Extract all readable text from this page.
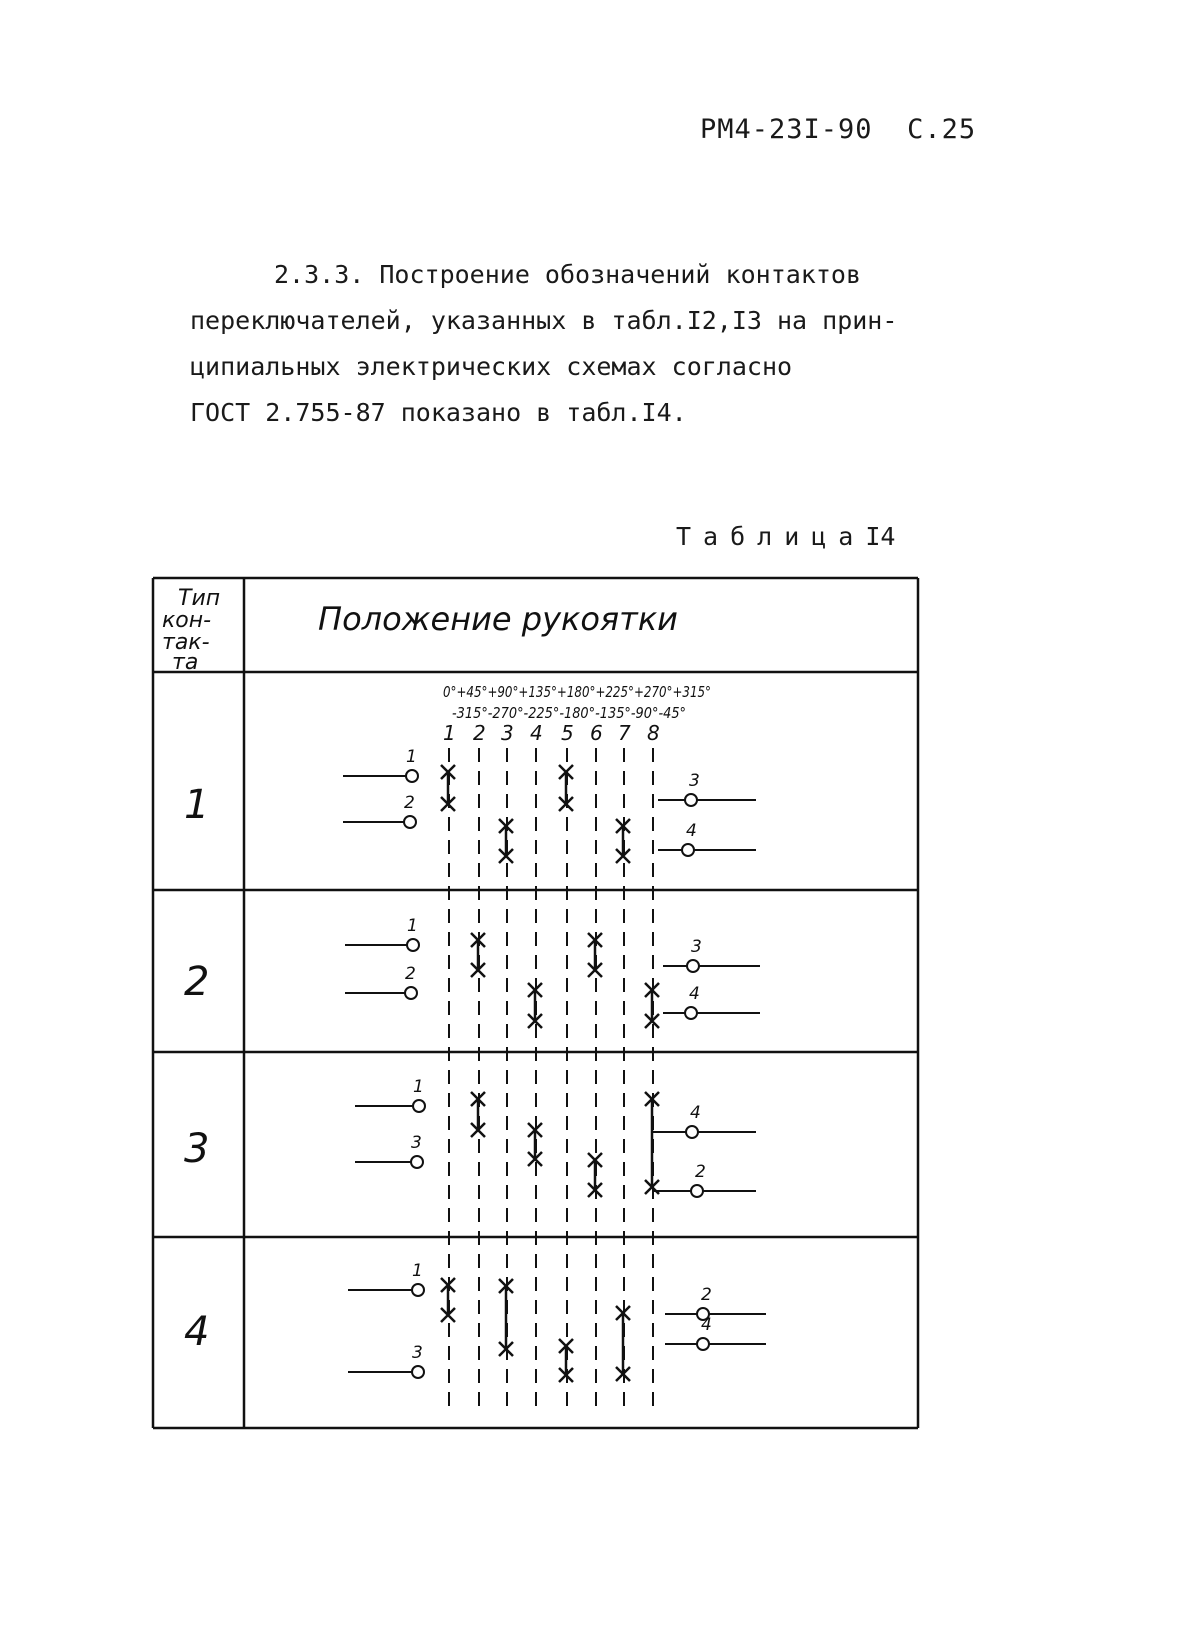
РМ4-23I-90 С.25
2.3.3. Построение обозначений контактов
переключателей, указанных в табл.I2,I3 на прин-
ципиальных электрических схемах согласно
ГОСТ 2.755-87 показано в табл.I4.
ТаблицаI4
Тип
кон-
так-
та
Положение рукоятки
0°+45°+90°+135°+180°+225°+270°+315°
-315°-270°-225°-180°-135°-90°-45°
1 2 3 4 5 6 7 8
1
2
3
4
1
2
3
4
1
2
3
4
1
3
4
2
1
3
2
4
